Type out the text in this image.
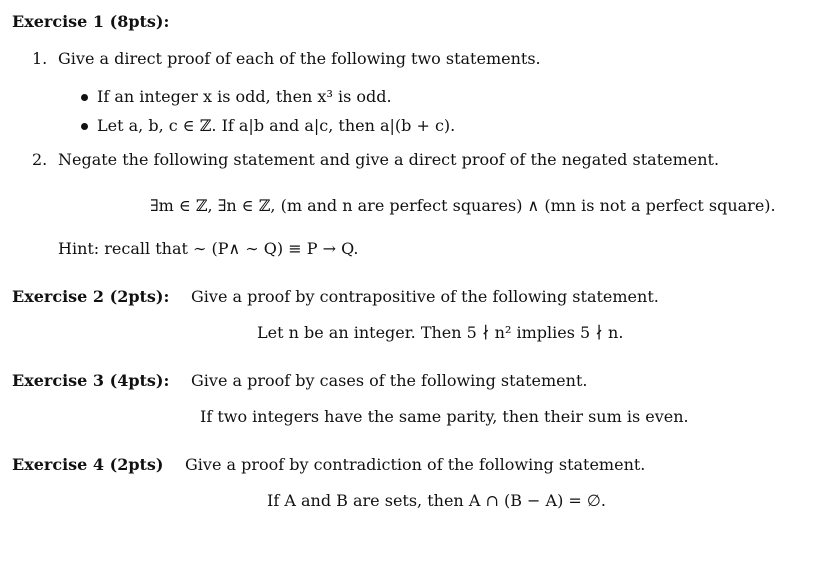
Exercise 1 (8pts):
1. Give a direct proof of each of the following two statements.
If an integer x is odd, then x³ is odd.
Let a, b, c ∈ ℤ. If a|b and a|c, then a|(b + c).
2. Negate the following statement and give a direct proof of the negated statement.
∃m ∈ ℤ, ∃n ∈ ℤ, (m and n are perfect squares) ∧ (mn is not a perfect square).
Hint: recall that ∼ (P∧ ∼ Q) ≡ P → Q.
Exercise 2 (2pts): Give a proof by contrapositive of the following statement.
Let n be an integer. Then 5 ∤ n² implies 5 ∤ n.
Exercise 3 (4pts): Give a proof by cases of the following statement.
If two integers have the same parity, then their sum is even.
Exercise 4 (2pts) Give a proof by contradiction of the following statement.
If A and B are sets, then A ∩ (B − A) = ∅.
